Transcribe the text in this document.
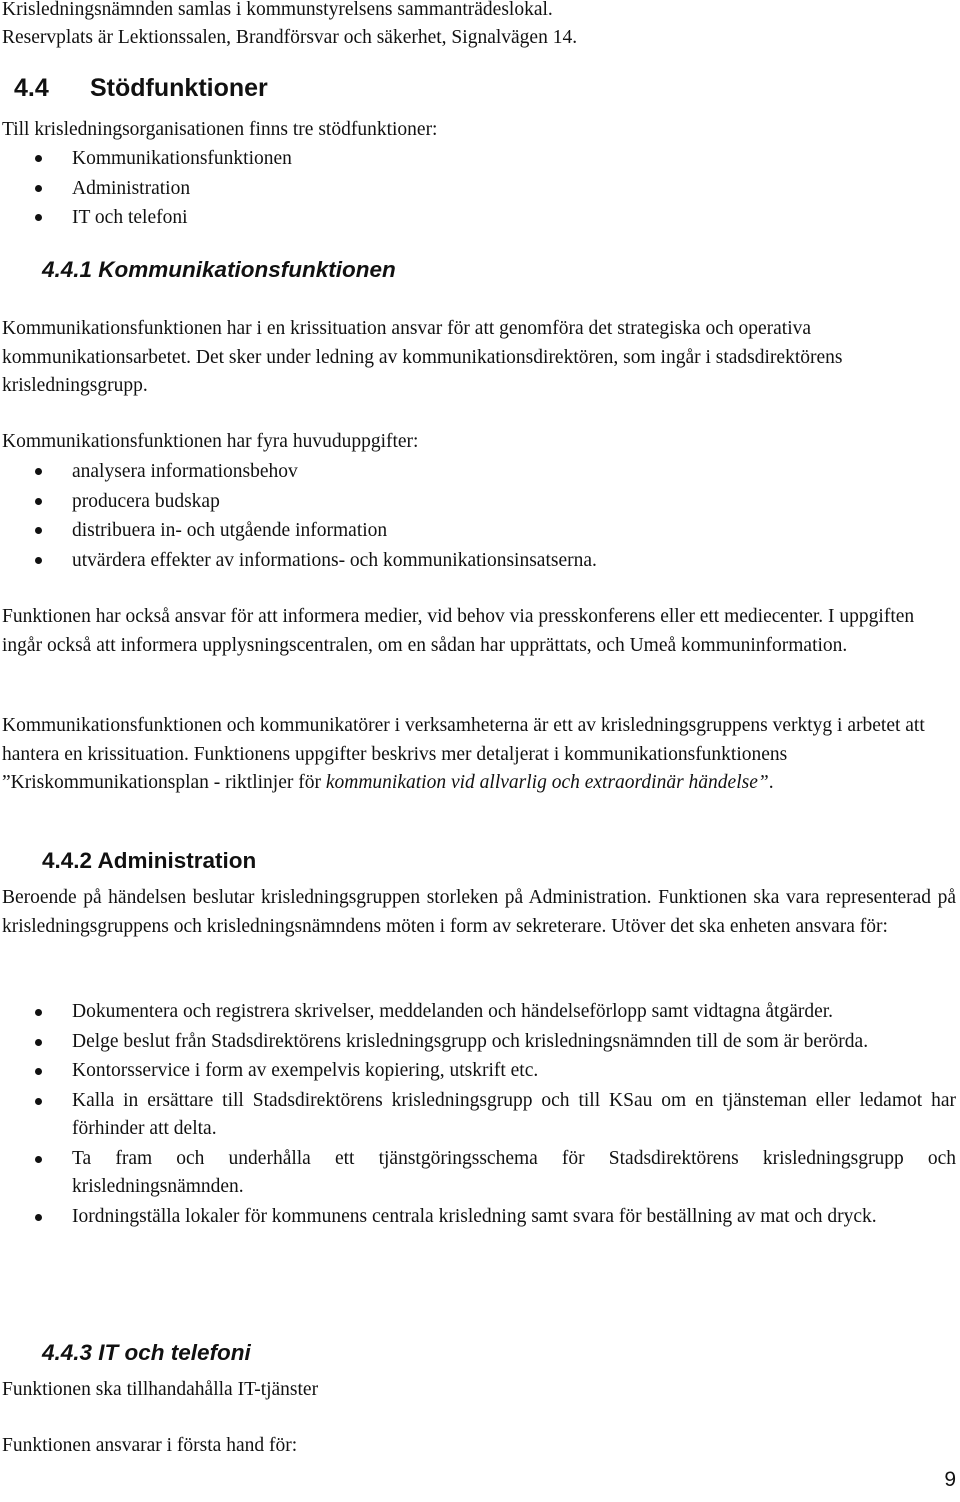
Krisledningsnämnden samlas i kommunstyrelsens sammanträdeslokal.

Reservplats är Lektionssalen, Brandförsvar och säkerhet, Signalvägen 14.

4.4 Stödfunktioner

Till krisledningsorganisationen finns tre stödfunktioner:

Kommunikationsfunktionen
Administration
IT och telefoni
4.4.1 Kommunikationsfunktionen

Kommunikationsfunktionen har i en krissituation ansvar för att genomföra det strategiska och operativa kommunikationsarbetet. Det sker under ledning av kommunikationsdirektören, som ingår i stadsdirektörens krisledningsgrupp.

Kommunikationsfunktionen har fyra huvuduppgifter:

analysera informationsbehov
producera budskap
distribuera in- och utgående information
utvärdera effekter av informations- och kommunikationsinsatserna.

Funktionen har också ansvar för att informera medier, vid behov via presskonferens eller ett mediecenter. I uppgiften ingår också att informera upplysningscentralen, om en sådan har upprättats, och Umeå kommuninformation.

Kommunikationsfunktionen och kommunikatörer i verksamheterna är ett av krisledningsgruppens verktyg i arbetet att hantera en krissituation. Funktionens uppgifter beskrivs mer detaljerat i kommunikationsfunktionens ”Kriskommunikationsplan - riktlinjer för kommunikation vid allvarlig och extraordinär händelse”.

4.4.2 Administration

Beroende på händelsen beslutar krisledningsgruppen storleken på Administration. Funktionen ska vara representerad på krisledningsgruppens och krisledningsnämndens möten i form av sekreterare. Utöver det ska enheten ansvara för:

Dokumentera och registrera skrivelser, meddelanden och händelseförlopp samt vidtagna åtgärder.
Delge beslut från Stadsdirektörens krisledningsgrupp och krisledningsnämnden till de som är berörda.
Kontorsservice i form av exempelvis kopiering, utskrift etc.
Kalla in ersättare till Stadsdirektörens krisledningsgrupp och till KSau om en tjänsteman eller ledamot har förhinder att delta.
Ta fram och underhålla ett tjänstgöringsschema för Stadsdirektörens krisledningsgrupp och krisledningsnämnden.
Iordningställa lokaler för kommunens centrala krisledning samt svara för beställning av mat och dryck.
4.4.3 IT och telefoni

Funktionen ska tillhandahålla IT-tjänster

Funktionen ansvarar i första hand för:

9
